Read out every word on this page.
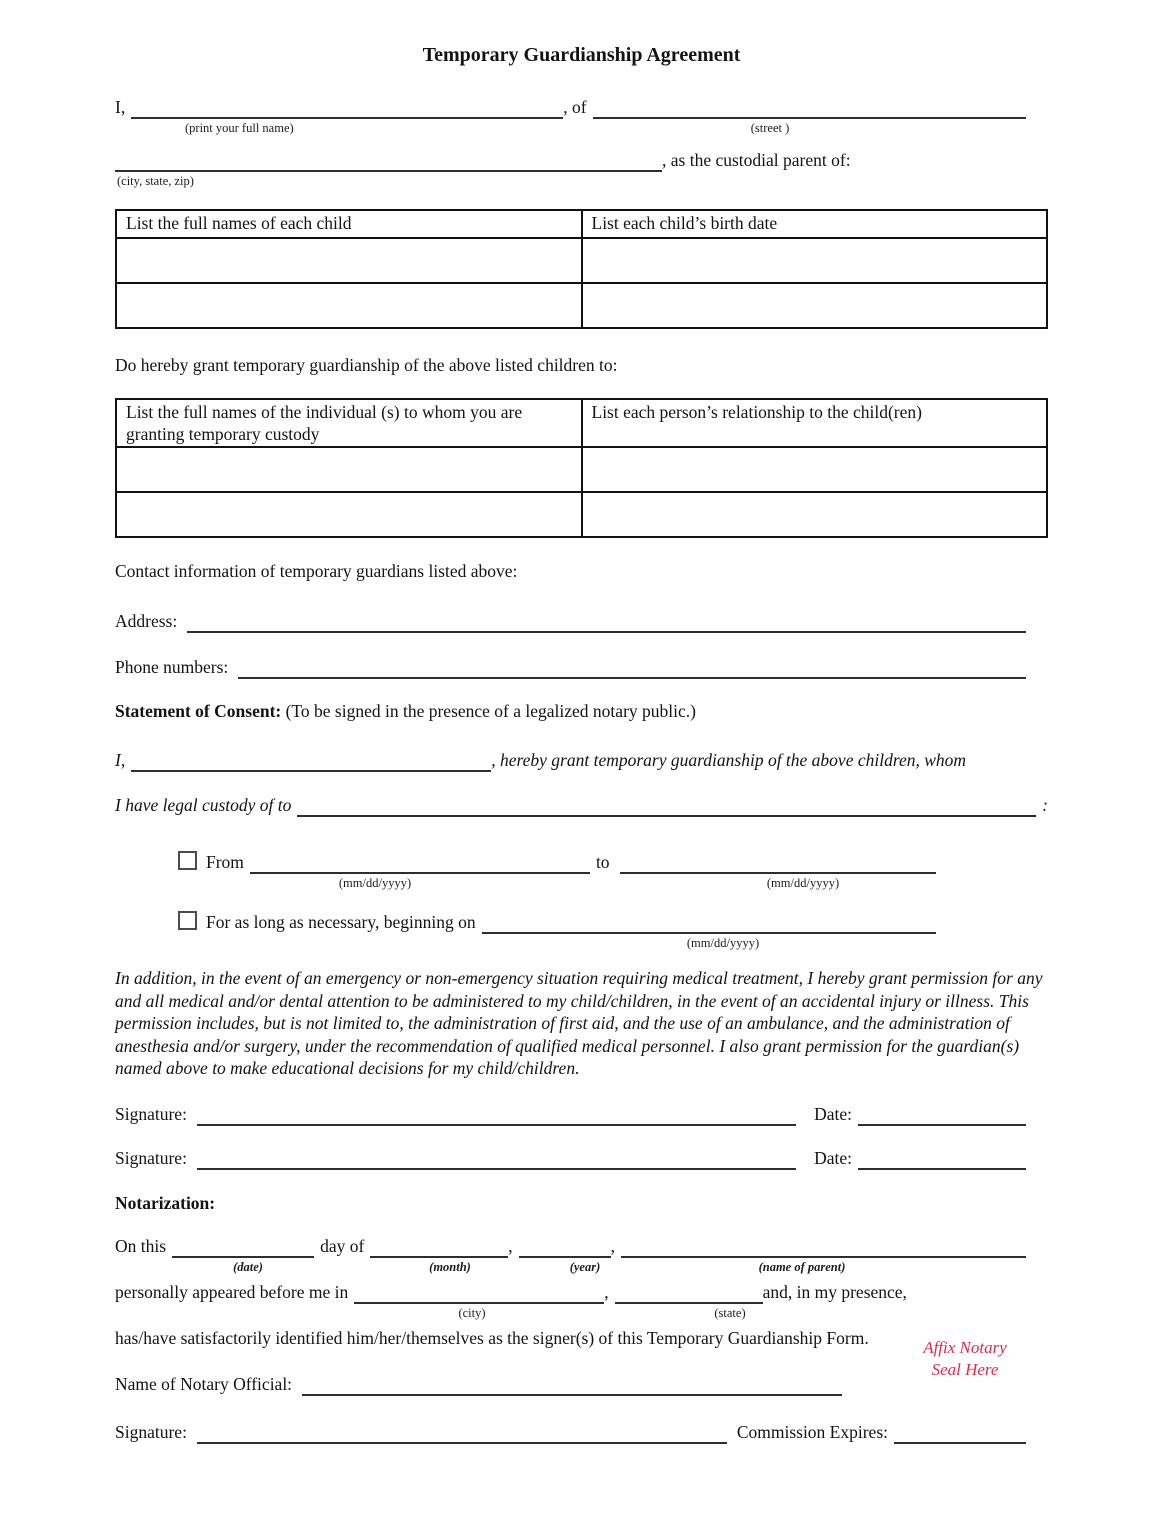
Temporary Guardianship Agreement

I,	, of
(print your full name)	(street )
, as the custodial parent of:
(city, state, zip)
List the full names of each child	List each child’s birth date

Do hereby grant temporary guardianship of the above listed children to:

List the full names of the individual (s) to whom you are granting temporary custody	List each person’s relationship to the child(ren)

Contact information of temporary guardians listed above:

Address:
Phone numbers:

Statement of Consent: (To be signed in the presence of a legalized notary public.)

I,	, hereby grant temporary guardianship of the above children, whom
I have legal custody of to	:
From	to
(mm/dd/yyyy)	(mm/dd/yyyy)
For as long as necessary, beginning on
(mm/dd/yyyy)

In addition, in the event of an emergency or non-emergency situation requiring medical treatment, I hereby grant permission for any and all medical and/or dental attention to be administered to my child/children, in the event of an accidental injury or illness. This permission includes, but is not limited to, the administration of first aid, and the use of an ambulance, and the administration of anesthesia and/or surgery, under the recommendation of qualified medical personnel. I also grant permission for the guardian(s) named above to make educational decisions for my child/children.

Signature:	Date:
Signature:	Date:

Notarization:

On this	day of	,	,
(date)	(month)	(year)	(name of parent)
personally appeared before me in	,	and, in my presence,
(city)	(state)

has/have satisfactorily identified him/her/themselves as the signer(s) of this Temporary Guardianship Form.

Name of Notary Official:
Signature:	Commission Expires:
Affix Notary
Seal Here
